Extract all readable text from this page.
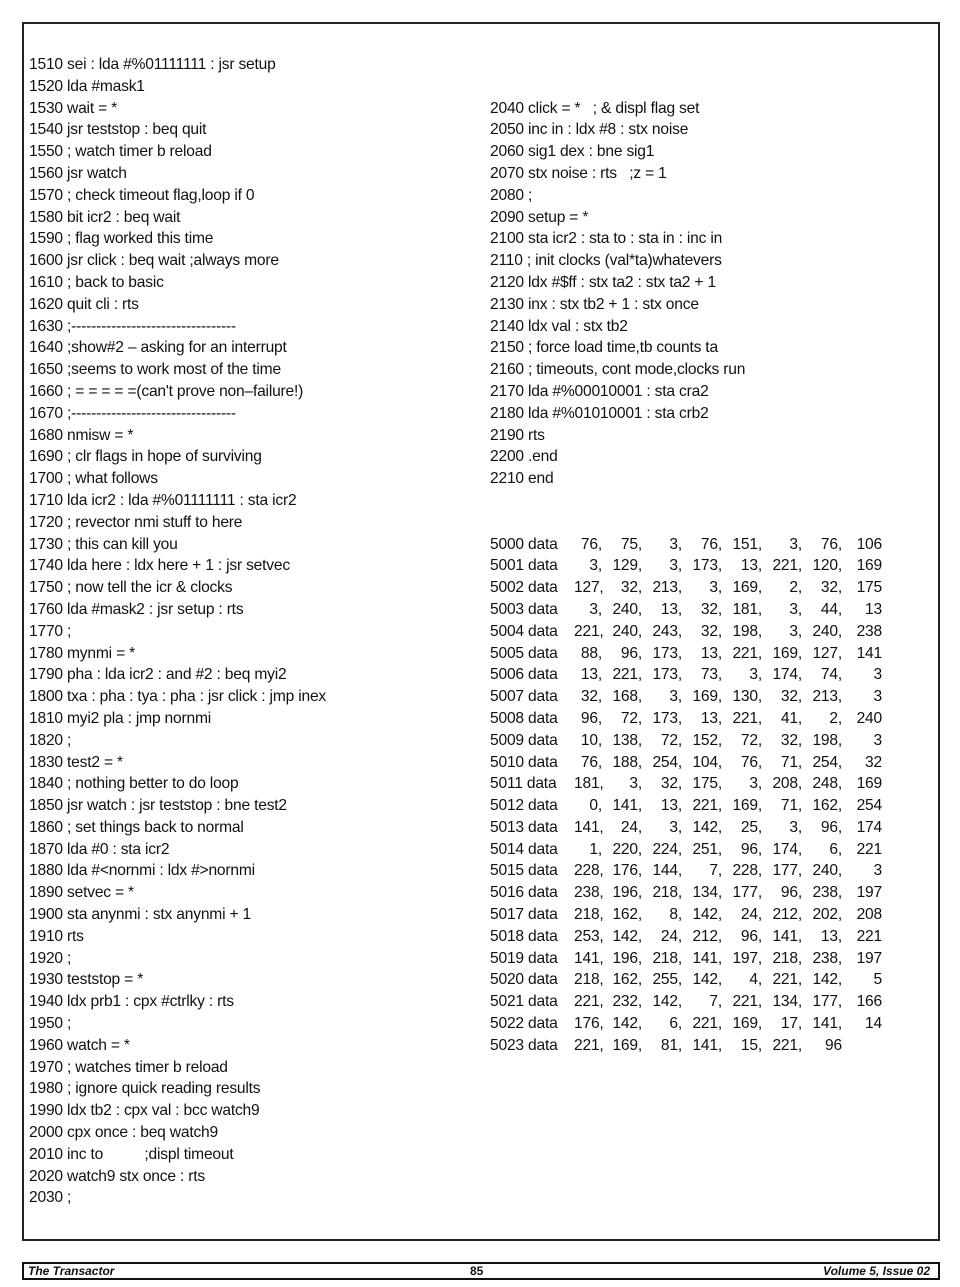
1510 sei : lda #%01111111 : jsr setup
1520 lda #mask1
1530 wait = *
1540 jsr teststop : beq quit
1550 ; watch timer b reload
1560 jsr watch
1570 ; check timeout flag,loop if 0
1580 bit icr2 : beq wait
1590 ; flag worked this time
1600 jsr click : beq wait ;always more
1610 ; back to basic
1620 quit cli : rts
1630 ;---------------------------------
1640 ;show#2 – asking for an interrupt
1650 ;seems to work most of the time
1660 ; = = = = =(can't prove non–failure!)
1670 ;---------------------------------
1680 nmisw = *
1690 ; clr flags in hope of surviving
1700 ; what follows
1710 lda icr2 : lda #%01111111 : sta icr2
1720 ; revector nmi stuff to here
1730 ; this can kill you
1740 lda here : ldx here + 1 : jsr setvec
1750 ; now tell the icr & clocks
1760 lda #mask2 : jsr setup : rts
1770 ;
1780 mynmi = *
1790 pha : lda icr2 : and #2 : beq myi2
1800 txa : pha : tya : pha : jsr click : jmp inex
1810 myi2 pla : jmp nornmi
1820 ;
1830 test2 = *
1840 ; nothing better to do loop
1850 jsr watch : jsr teststop : bne test2
1860 ; set things back to normal
1870 lda #0 : sta icr2
1880 lda #<nornmi : ldx #>nornmi
1890 setvec = *
1900 sta anynmi : stx anynmi + 1
1910 rts
1920 ;
1930 teststop = *
1940 ldx prb1 : cpx #ctrlky : rts
1950 ;
1960 watch = *
1970 ; watches timer b reload
1980 ; ignore quick reading results
1990 ldx tb2 : cpx val : bcc watch9
2000 cpx once : beq watch9
2010 inc to          ;displ timeout
2020 watch9 stx once : rts
2030 ;

2040 click = *   ; & displ flag set
2050 inc in : ldx #8 : stx noise
2060 sig1 dex : bne sig1
2070 stx noise : rts   ;z = 1
2080 ;
2090 setup = *
2100 sta icr2 : sta to : sta in : inc in
2110 ; init clocks (val*ta)whatevers
2120 ldx #$ff : stx ta2 : stx ta2 + 1
2130 inx : stx tb2 + 1 : stx once
2140 ldx val : stx tb2
2150 ; force load time,tb counts ta
2160 ; timeouts, cont mode,clocks run
2170 lda #%00010001 : sta cra2
2180 lda #%01010001 : sta crb2
2190 rts
2200 .end
2210 end

5000 data	76,	75,	3,	76, 151,	3,	76, 106
5001 data	3, 129,	3, 173,	13, 221, 120, 169
5002 data	127,	32, 213,	3, 169,	2,	32, 175
5003 data	3, 240,	13,	32, 181,	3,	44,	13
5004 data	221, 240, 243,	32, 198,	3, 240, 238
5005 data	88,	96, 173,	13, 221, 169, 127, 141
5006 data	13, 221, 173,	73,	3, 174,	74,	3
5007 data	32, 168,	3, 169, 130,	32, 213,	3
5008 data	96,	72, 173,	13, 221,	41,	2, 240
5009 data	10, 138,	72, 152,	72,	32, 198,	3
5010 data	76, 188, 254, 104,	76,	71, 254,	32
5011 data	181,	3,	32, 175,	3, 208, 248, 169
5012 data	0, 141,	13, 221, 169,	71, 162, 254
5013 data	141,	24,	3, 142,	25,	3,	96, 174
5014 data	1, 220, 224, 251,	96, 174,	6, 221
5015 data	228, 176, 144,	7, 228, 177, 240,	3
5016 data	238, 196, 218, 134, 177,	96, 238, 197
5017 data	218, 162,	8, 142,	24, 212, 202, 208
5018 data	253, 142,	24, 212,	96, 141,	13, 221
5019 data	141, 196, 218, 141, 197, 218, 238, 197
5020 data	218, 162, 255, 142,	4, 221, 142,	5
5021 data	221, 232, 142,	7, 221, 134, 177, 166
5022 data	176, 142,	6, 221, 169,	17, 141,	14
5023 data	221, 169,	81, 141,	15, 221,	96

The Transactor	85	Volume 5, Issue 02
